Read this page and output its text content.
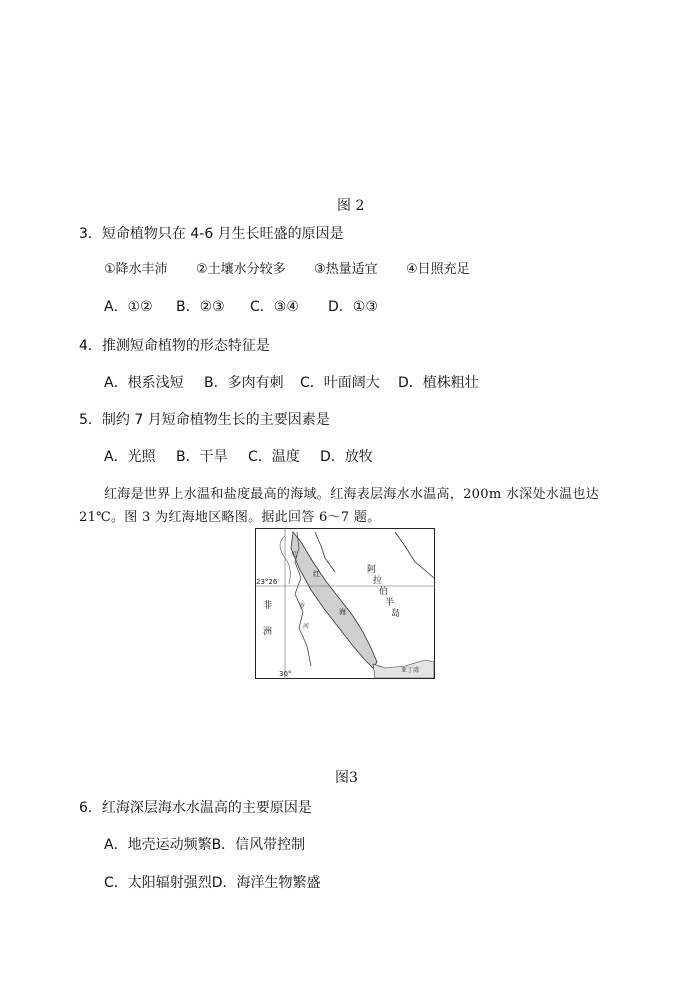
图 2
3．短命植物只在 4-6 月生长旺盛的原因是
①降水丰沛 ②土壤水分较多 ③热量适宜 ④日照充足
A．①② B．②③ C．③④ D．①③
4．推测短命植物的形态特征是
A．根系浅短 B．多肉有刺 C．叶面阔大 D．植株粗壮
5．制约 7 月短命植物生长的主要因素是
A．光照 B．干旱 C．温度 D．放牧
红海是世界上水温和盐度最高的海域。红海表层海水水温高，200m 水深处水温也达
21℃。图 3 为红海地区略图。据此回答 6～7 题。
23°26′
30°
非
洲
阿
拉
伯
半
岛
红
海
尼
罗
河
亚丁湾
图3
6．红海深层海水水温高的主要原因是
A．地壳运动频繁B．信风带控制
C．太阳辐射强烈D．海洋生物繁盛
